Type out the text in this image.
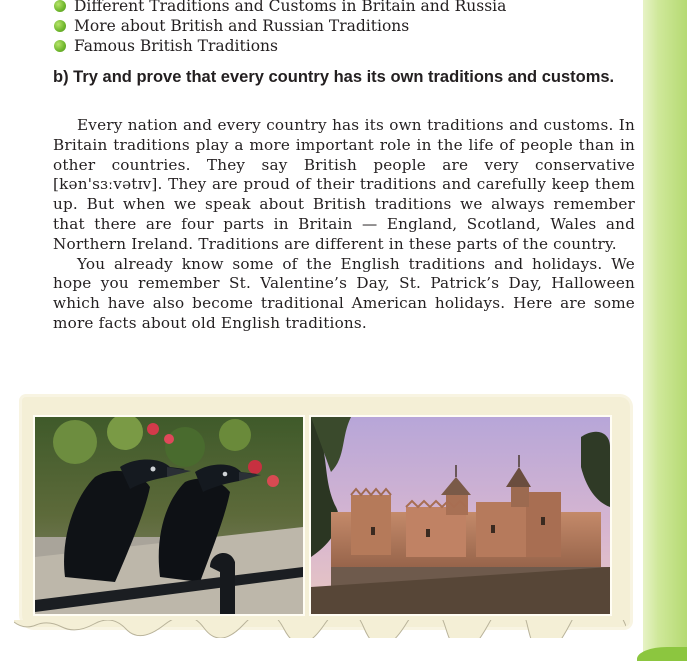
Different Traditions and Customs in Britain and Russia
More about British and Russian Traditions
Famous British Traditions
b) Try and prove that every country has its own traditions and customs.

Every nation and every country has its own traditions and customs. In Britain traditions play a more important role in the life of people than in other countries. They say British people are very conservative [kən'sɜːvətɪv]. They are proud of their traditions and carefully keep them up. But when we speak about British traditions we always remember that there are four parts in Britain — England, Scotland, Wales and Northern Ireland. Traditions are different in these parts of the country.

You already know some of the English traditions and holidays. We hope you remember St. Valentine’s Day, St. Patrick’s Day, Halloween which have also become traditional American holidays. Here are some more facts about old English traditions.
